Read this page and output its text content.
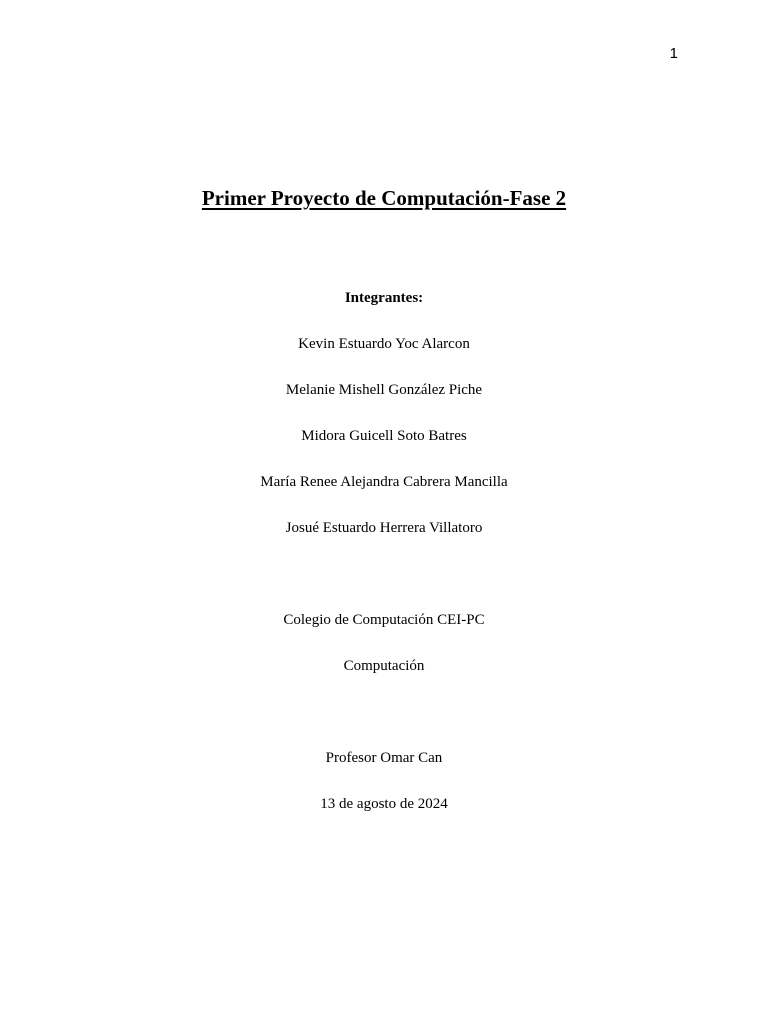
1
Primer Proyecto de Computación-Fase 2
Integrantes:
Kevin Estuardo Yoc Alarcon
Melanie Mishell González Piche
Midora Guicell Soto Batres
María Renee Alejandra Cabrera Mancilla
Josué Estuardo Herrera Villatoro
Colegio de Computación CEI-PC
Computación
Profesor Omar Can
13 de agosto de 2024
